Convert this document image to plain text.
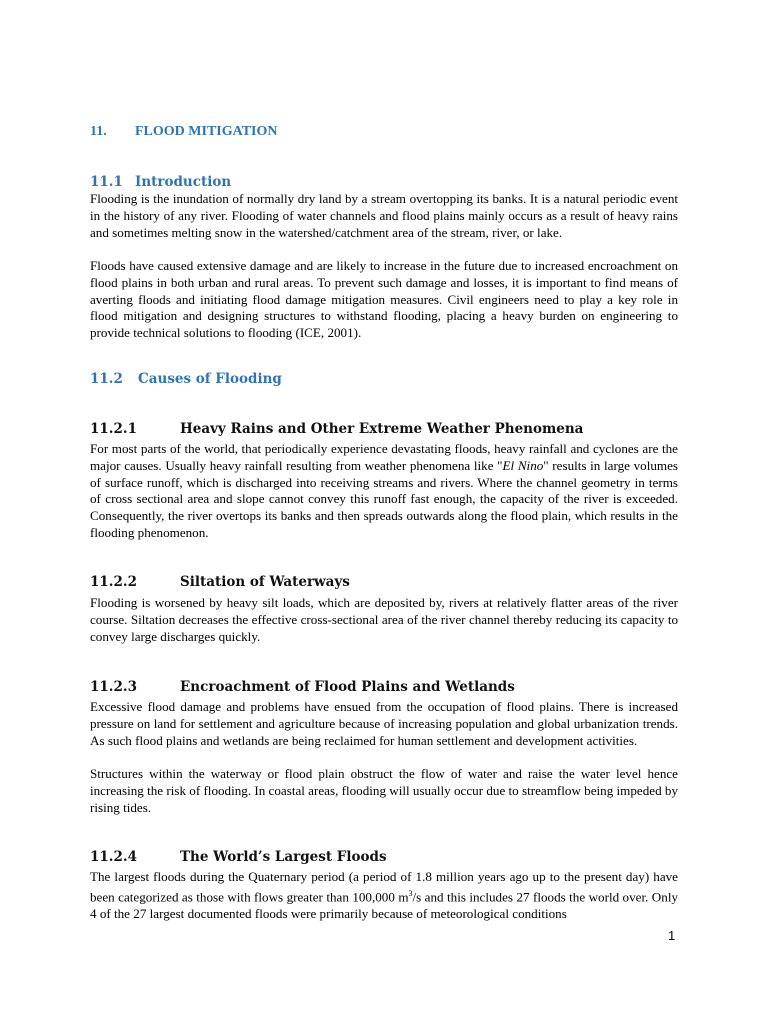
11. FLOOD MITIGATION
11.1 Introduction

Flooding is the inundation of normally dry land by a stream overtopping its banks. It is a natural periodic event in the history of any river. Flooding of water channels and flood plains mainly occurs as a result of heavy rains and sometimes melting snow in the watershed/catchment area of the stream, river, or lake.

Floods have caused extensive damage and are likely to increase in the future due to increased encroachment on flood plains in both urban and rural areas. To prevent such damage and losses, it is important to find means of averting floods and initiating flood damage mitigation measures. Civil engineers need to play a key role in flood mitigation and designing structures to withstand flooding, placing a heavy burden on engineering to provide technical solutions to flooding (ICE, 2001).

11.2 Causes of Flooding
11.2.1	Heavy Rains and Other Extreme Weather Phenomena

For most parts of the world, that periodically experience devastating floods, heavy rainfall and cyclones are the major causes. Usually heavy rainfall resulting from weather phenomena like "El Nino" results in large volumes of surface runoff, which is discharged into receiving streams and rivers. Where the channel geometry in terms of cross sectional area and slope cannot convey this runoff fast enough, the capacity of the river is exceeded. Consequently, the river overtops its banks and then spreads outwards along the flood plain, which results in the flooding phenomenon.

11.2.2	Siltation of Waterways

Flooding is worsened by heavy silt loads, which are deposited by, rivers at relatively flatter areas of the river course. Siltation decreases the effective cross-sectional area of the river channel thereby reducing its capacity to convey large discharges quickly.

11.2.3	Encroachment of Flood Plains and Wetlands

Excessive flood damage and problems have ensued from the occupation of flood plains. There is increased pressure on land for settlement and agriculture because of increasing population and global urbanization trends. As such flood plains and wetlands are being reclaimed for human settlement and development activities.

Structures within the waterway or flood plain obstruct the flow of water and raise the water level hence increasing the risk of flooding. In coastal areas, flooding will usually occur due to streamflow being impeded by rising tides.

11.2.4	The World’s Largest Floods

The largest floods during the Quaternary period (a period of 1.8 million years ago up to the present day) have been categorized as those with flows greater than 100,000 $m^3/s$ and this includes 27 floods the world over. Only 4 of the 27 largest documented floods were primarily because of meteorological conditions

1
